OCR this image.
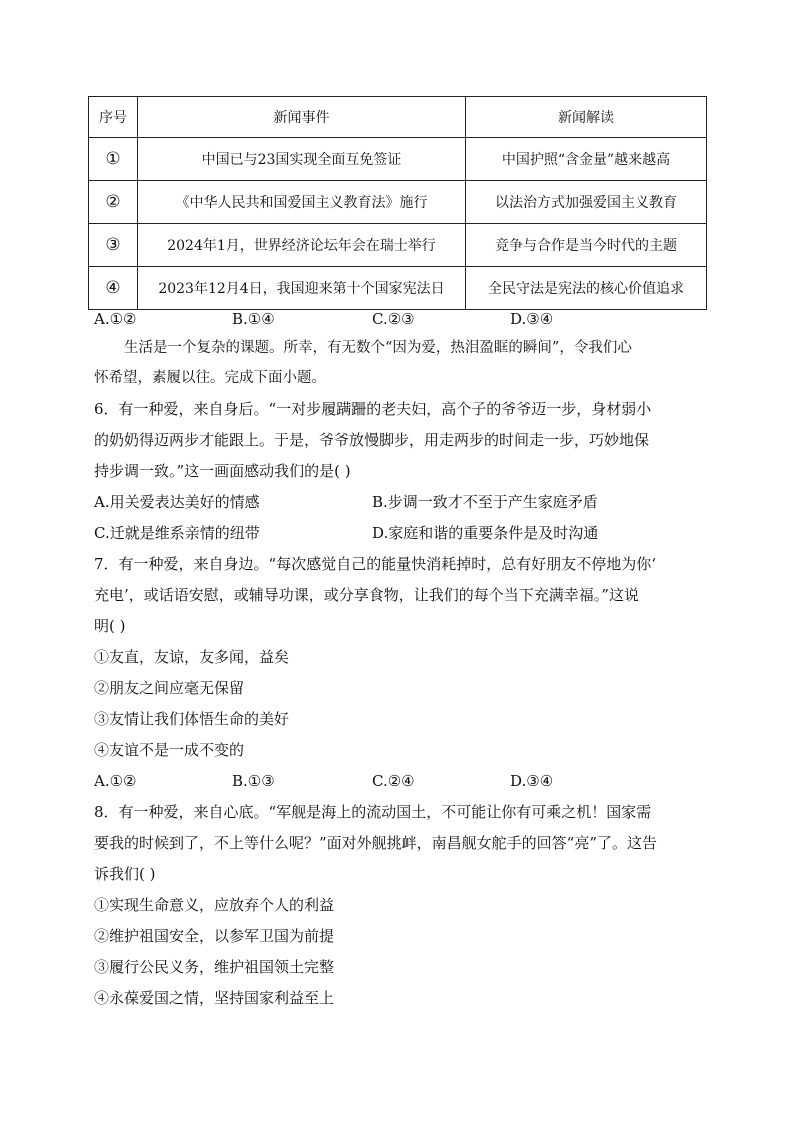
序号	新闻事件	新闻解读
①	中国已与23国实现全面互免签证	中国护照“含金量”越来越高
②	《中华人民共和国爱国主义教育法》施行	以法治方式加强爱国主义教育
③	2024年1月，世界经济论坛年会在瑞士举行	竞争与合作是当今时代的主题
④	2023年12月4日，我国迎来第十个国家宪法日	全民守法是宪法的核心价值追求
A.①②	B.①④	C.②③	D.③④
生活是一个复杂的课题。所幸，有无数个“因为爱，热泪盈眶的瞬间”，令我们心
怀希望，素履以往。完成下面小题。
6．有一种爱，来自身后。“一对步履蹒跚的老夫妇，高个子的爷爷迈一步，身材弱小
的奶奶得迈两步才能跟上。于是，爷爷放慢脚步，用走两步的时间走一步，巧妙地保
持步调一致。”这一画面感动我们的是( )
A.用关爱表达美好的情感	B.步调一致才不至于产生家庭矛盾
C.迁就是维系亲情的纽带	D.家庭和谐的重要条件是及时沟通
7．有一种爱，来自身边。“每次感觉自己的能量快消耗掉时，总有好朋友不停地为你‘
充电’，或话语安慰，或辅导功课，或分享食物，让我们的每个当下充满幸福。”这说
明( )
①友直，友谅，友多闻，益矣
②朋友之间应毫无保留
③友情让我们体悟生命的美好
④友谊不是一成不变的
A.①②	B.①③	C.②④	D.③④
8．有一种爱，来自心底。“军舰是海上的流动国土，不可能让你有可乘之机！国家需
要我的时候到了，不上等什么呢？”面对外舰挑衅，南昌舰女舵手的回答“亮”了。这告
诉我们( )
①实现生命意义，应放弃个人的利益
②维护祖国安全，以参军卫国为前提
③履行公民义务，维护祖国领土完整
④永葆爱国之情，坚持国家利益至上
